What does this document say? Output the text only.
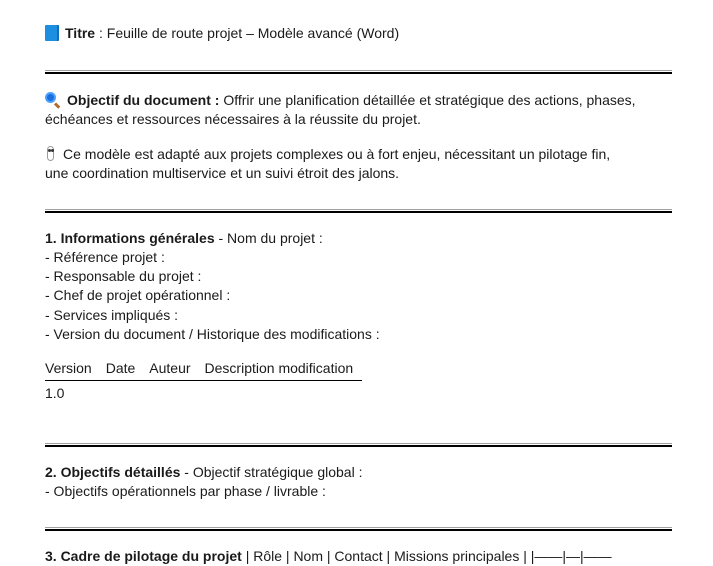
Titre : Feuille de route projet – Modèle avancé (Word)
Objectif du document : Offrir une planification détaillée et stratégique des actions, phases,
échéances et ressources nécessaires à la réussite du projet.
Ce modèle est adapté aux projets complexes ou à fort enjeu, nécessitant un pilotage fin,
une coordination multiservice et un suivi étroit des jalons.
1. Informations générales - Nom du projet :
- Référence projet :
- Responsable du projet :
- Chef de projet opérationnel :
- Services impliqués :
- Version du document / Historique des modifications :
Version	Date	Auteur	Description modification
1.0			
2. Objectifs détaillés - Objectif stratégique global :
- Objectifs opérationnels par phase / livrable :
3. Cadre de pilotage du projet | Rôle | Nom | Contact | Missions principales | |——|—|——
